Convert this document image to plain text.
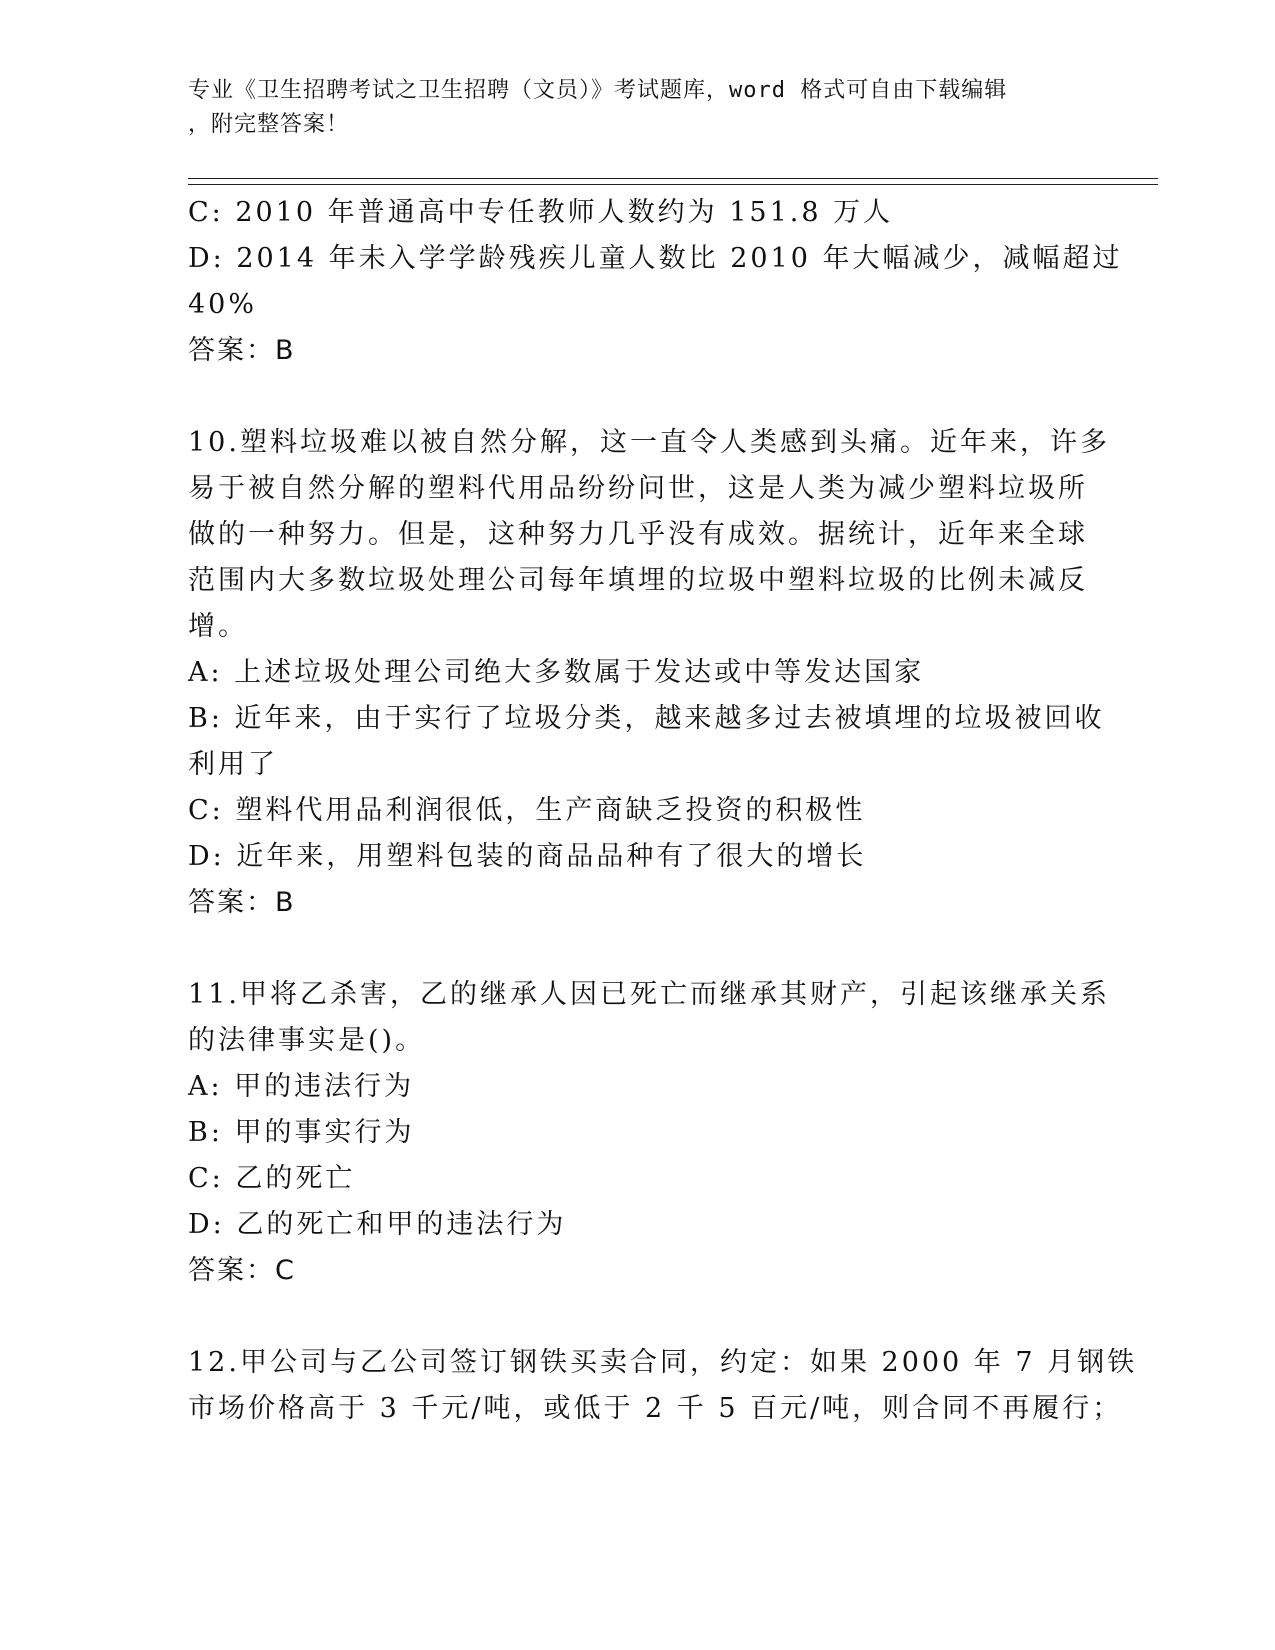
专业《卫生招聘考试之卫生招聘（文员）》考试题库，word 格式可自由下载编辑
，附完整答案！
C: 2010 年普通高中专任教师人数约为 151.8 万人
D: 2014 年未入学学龄残疾儿童人数比 2010 年大幅减少，减幅超过
40%
答案：B
10.塑料垃圾难以被自然分解，这一直令人类感到头痛。近年来，许多
易于被自然分解的塑料代用品纷纷问世，这是人类为减少塑料垃圾所
做的一种努力。但是，这种努力几乎没有成效。据统计，近年来全球
范围内大多数垃圾处理公司每年填埋的垃圾中塑料垃圾的比例未减反
增。
A: 上述垃圾处理公司绝大多数属于发达或中等发达国家
B: 近年来，由于实行了垃圾分类，越来越多过去被填埋的垃圾被回收
利用了
C: 塑料代用品利润很低，生产商缺乏投资的积极性
D: 近年来，用塑料包装的商品品种有了很大的增长
答案：B
11.甲将乙杀害，乙的继承人因已死亡而继承其财产，引起该继承关系
的法律事实是()。
A: 甲的违法行为
B: 甲的事实行为
C: 乙的死亡
D: 乙的死亡和甲的违法行为
答案：C
12.甲公司与乙公司签订钢铁买卖合同，约定：如果 2000 年 7 月钢铁
市场价格高于 3 千元/吨，或低于 2 千 5 百元/吨，则合同不再履行；
